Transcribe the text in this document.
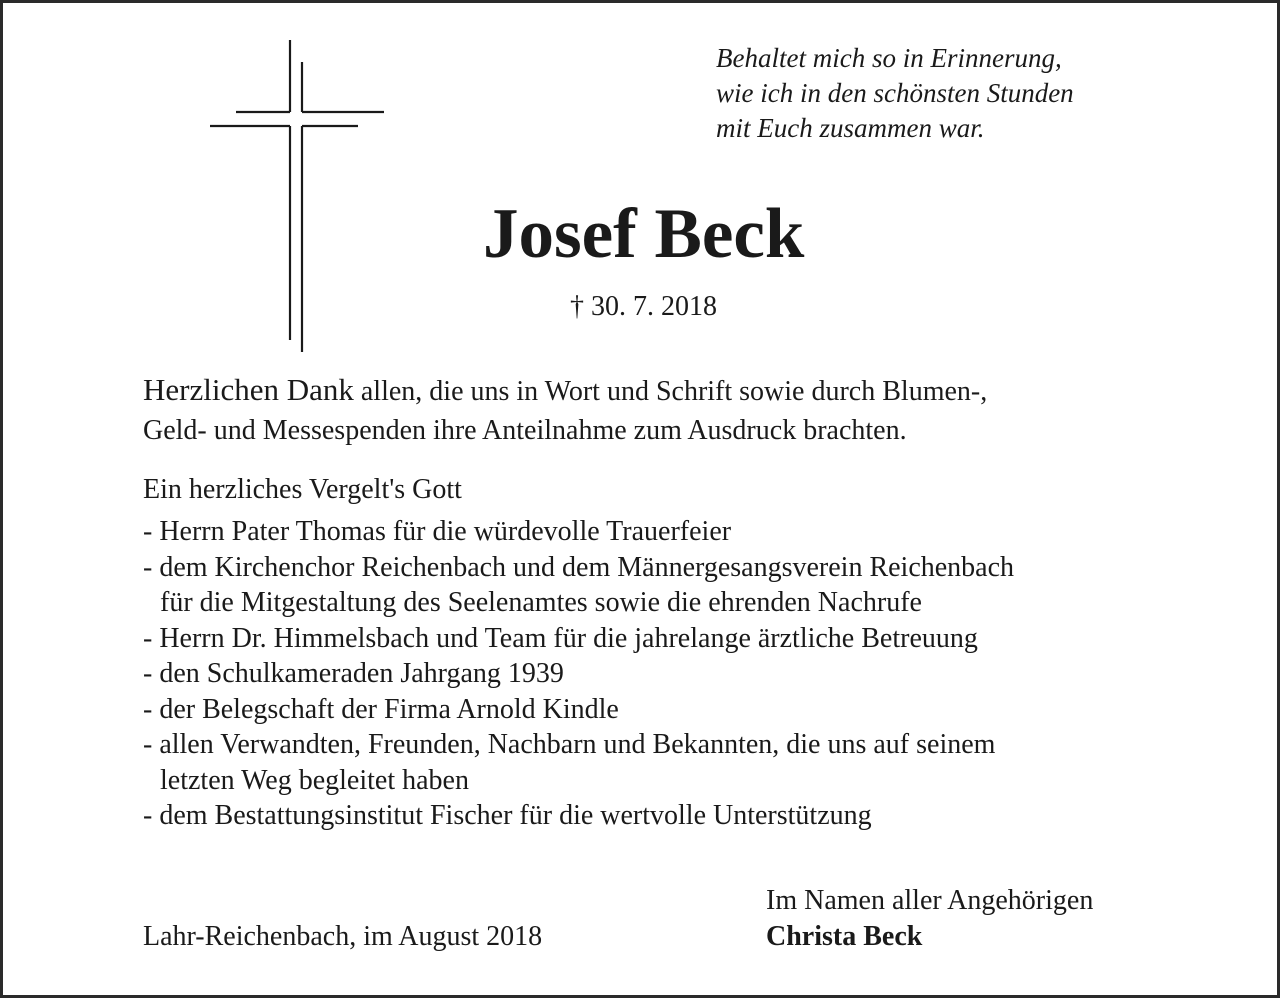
Behaltet mich so in Erinnerung,
wie ich in den schönsten Stunden
mit Euch zusammen war.
Josef Beck
† 30. 7. 2018
Herzlichen Dank allen, die uns in Wort und Schrift sowie durch Blumen-,
Geld- und Messespenden ihre Anteilnahme zum Ausdruck brachten.
Ein herzliches Vergelt's Gott
- Herrn Pater Thomas für die würdevolle Trauerfeier
- dem Kirchenchor Reichenbach und dem Männergesangsverein Reichenbach
für die Mitgestaltung des Seelenamtes sowie die ehrenden Nachrufe
- Herrn Dr. Himmelsbach und Team für die jahrelange ärztliche Betreuung
- den Schulkameraden Jahrgang 1939
- der Belegschaft der Firma Arnold Kindle
- allen Verwandten, Freunden, Nachbarn und Bekannten, die uns auf seinem
letzten Weg begleitet haben
- dem Bestattungsinstitut Fischer für die wertvolle Unterstützung
Lahr-Reichenbach, im August 2018
Im Namen aller Angehörigen
Christa Beck
